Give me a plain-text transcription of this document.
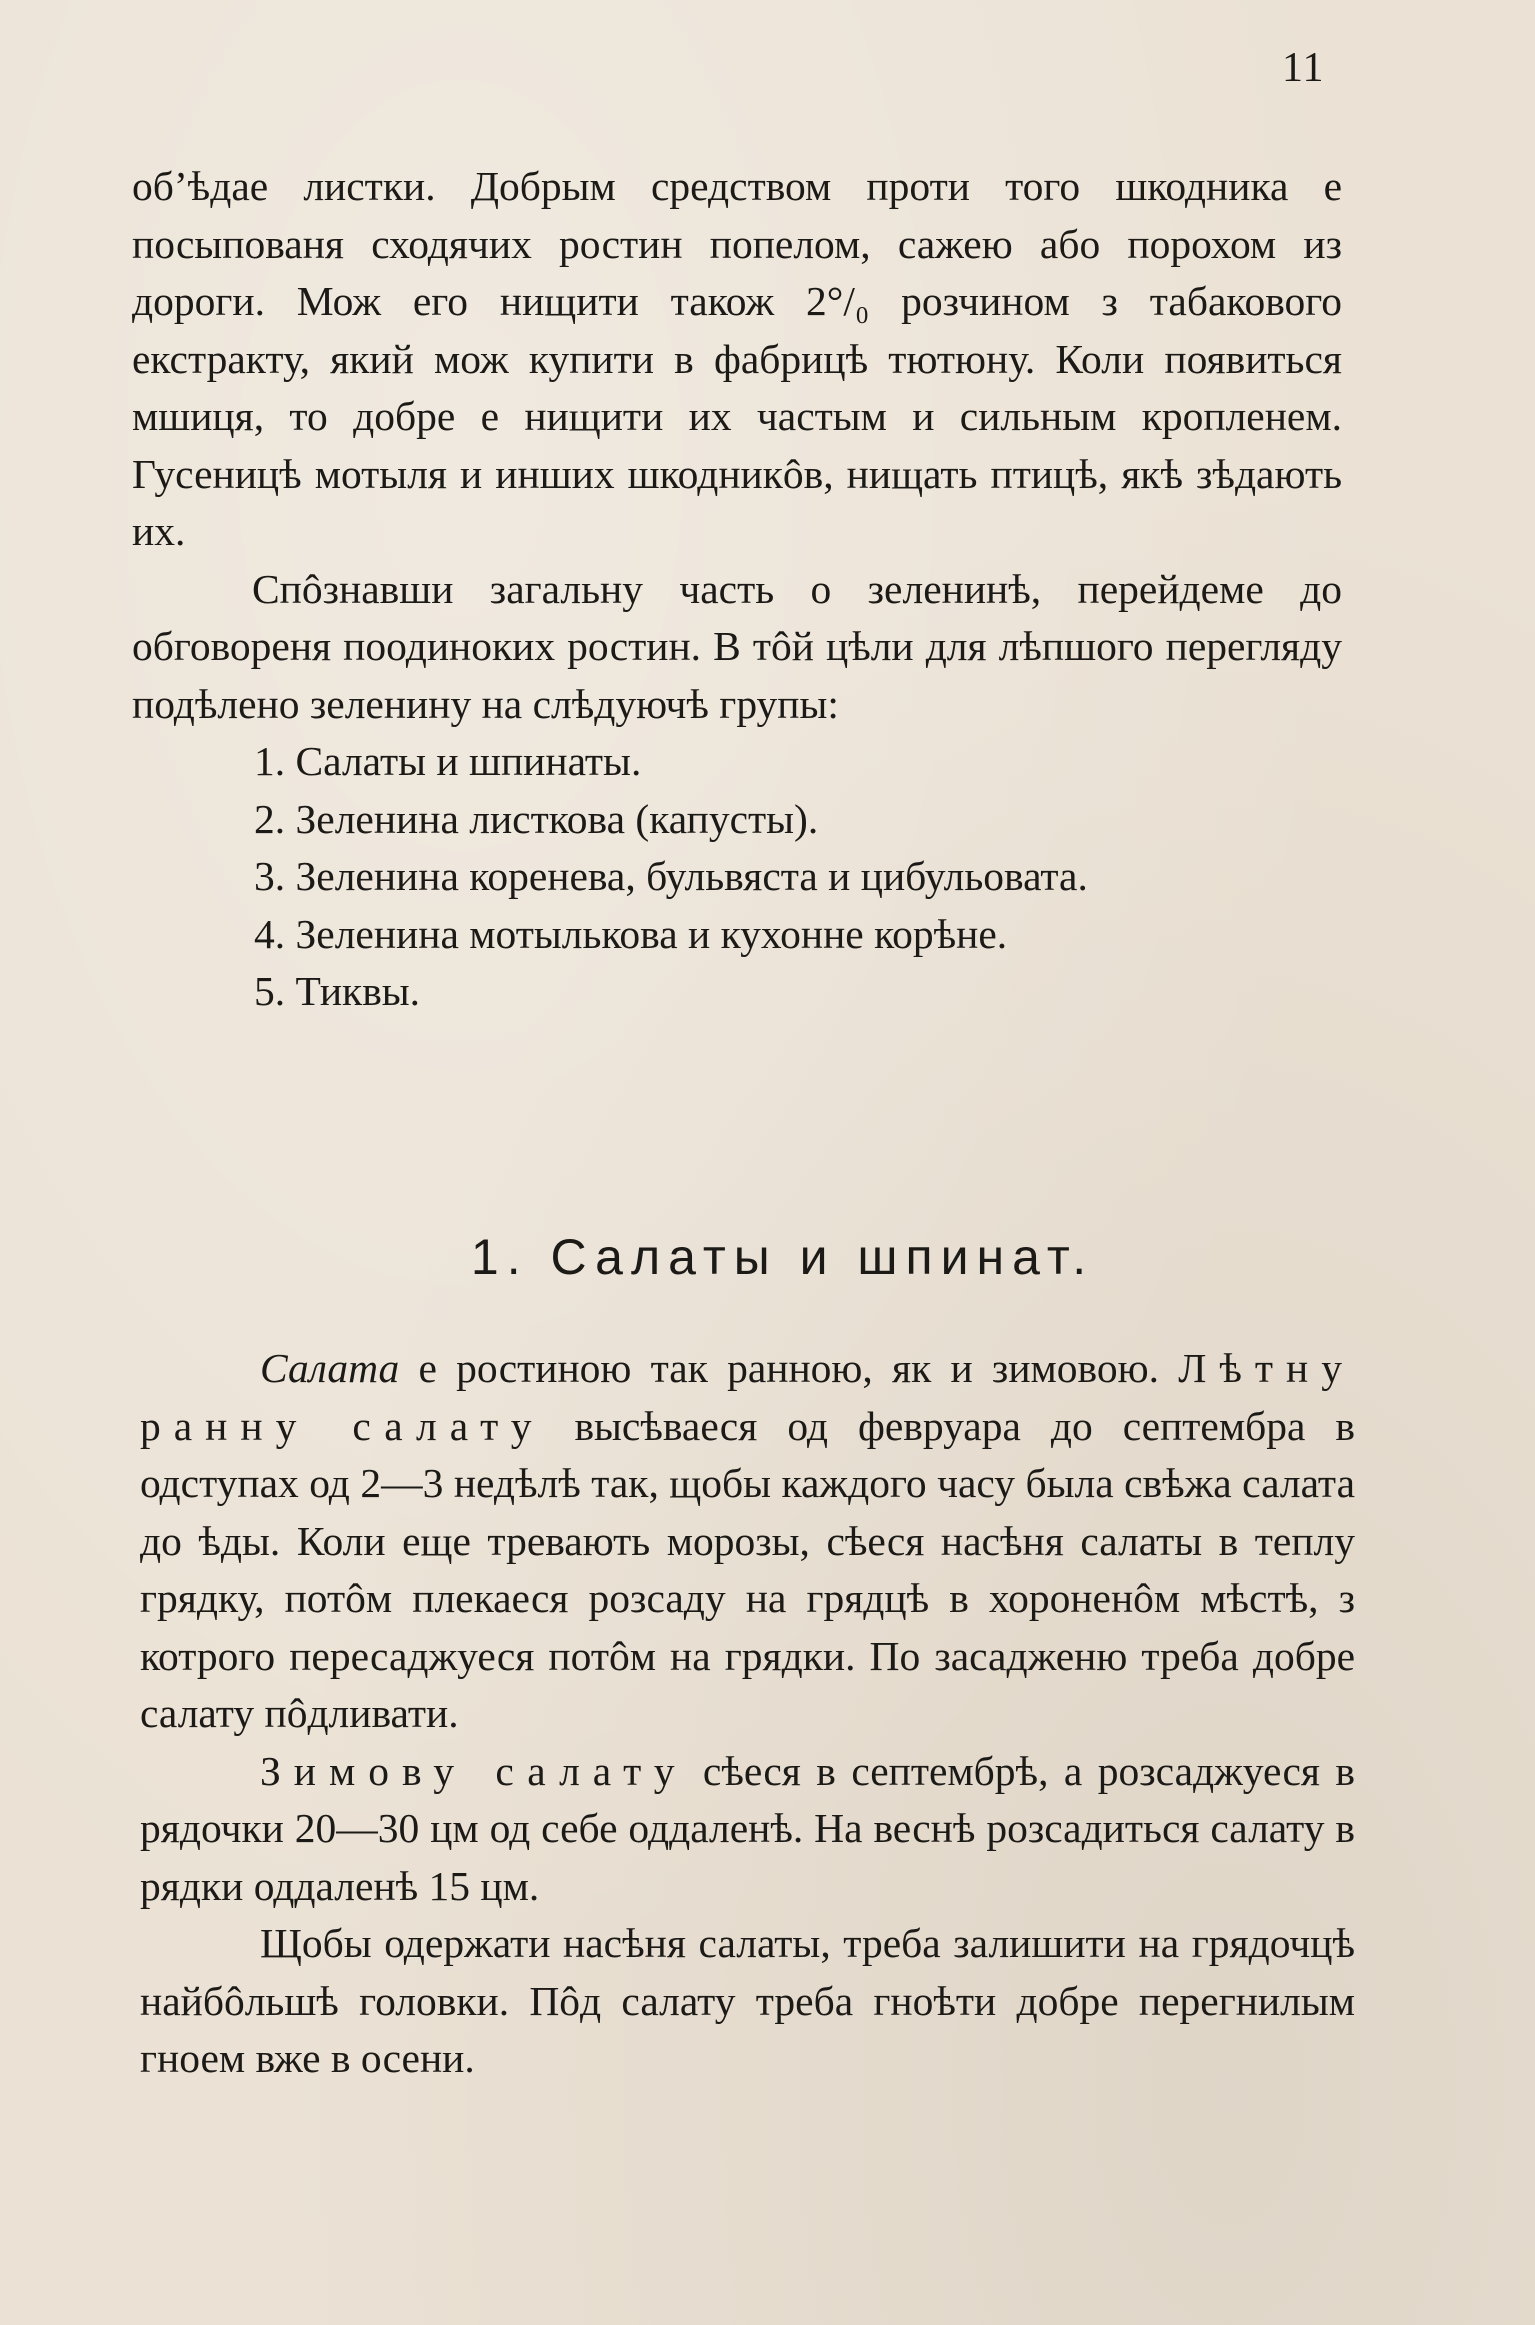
11

об’ѣдае листки. Добрым средством проти того шкодника е посыпованя сходячих ростин попелом, сажею або порохом из дороги. Мож его нищити також 2°/₀ розчином з табакового екстракту, який мож купити в фабрицѣ тютюну. Коли появиться мшиця, то добре е нищити их частым и сильным кропленем. Гусеницѣ мотыля и инших шкодникôв, нищать птицѣ, якѣ зѣдають их.

Спôзнавши загальну часть о зеленинѣ, перейдеме до обговореня поодиноких ростин. В тôй цѣли для лѣпшого перегляду подѣлено зеленину на слѣдуючѣ групы:

1. Салаты и шпинаты.
2. Зеленина листкова (капусты).
3. Зеленина коренева, бульвяста и цибульовата.
4. Зеленина мотылькова и кухонне корѣне.
5. Тиквы.
1. Салаты и шпинат.

Салата е ростиною так ранною, як и зимовою. Лѣтну ранну салату высѣваеся од февруара до септембра в одступах од 2—3 недѣлѣ так, щобы каждого часу была свѣжа салата до ѣды. Коли еще тревають морозы, сѣеся насѣня салаты в теплу грядку, потôм плекаеся розсаду на грядцѣ в хороненôм мѣстѣ, з котрого пересаджуеся потôм на грядки. По засадженю треба добре салату пôдливати.

Зимову салату сѣеся в септембрѣ, а розсаджуеся в рядочки 20—30 цм од себе оддаленѣ. На веснѣ розсадиться салату в рядки оддаленѣ 15 цм.

Щобы одержати насѣня салаты, треба залишити на грядочцѣ найбôльшѣ головки. Пôд салату треба гноѣти добре перегнилым гноем вже в осени.
